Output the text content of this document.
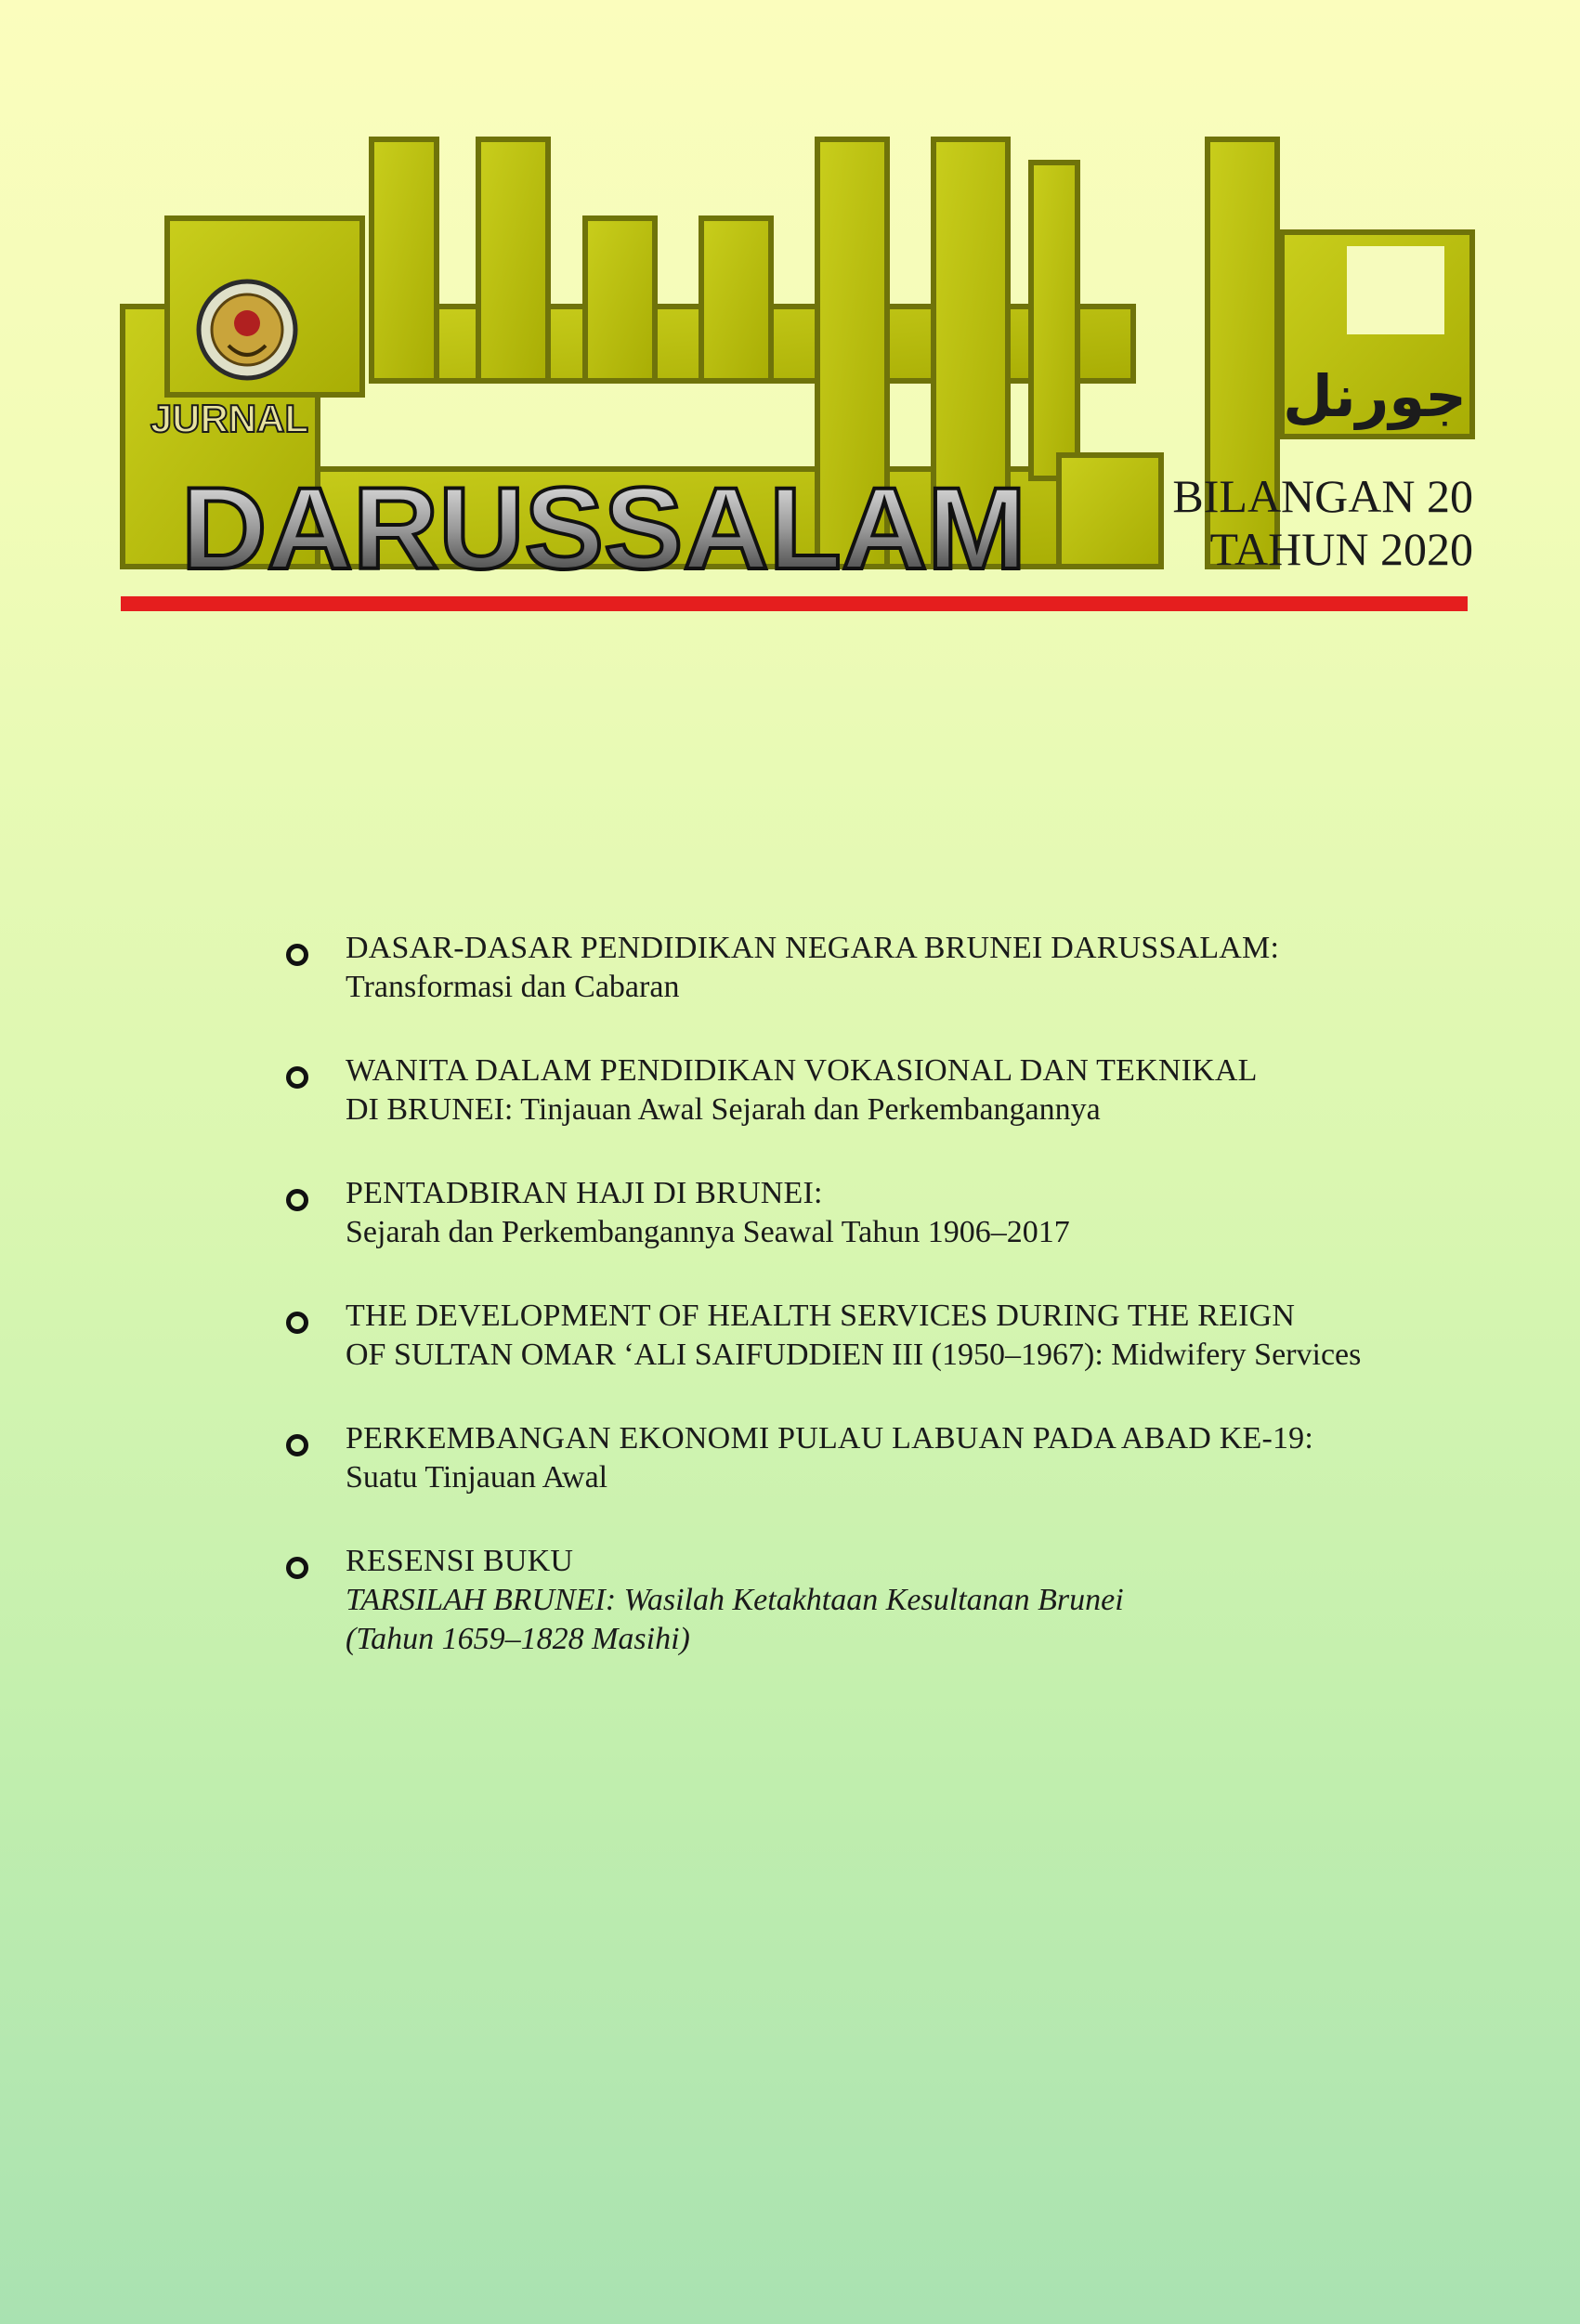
JURNAL	جورنل
DARUSSALAM	BILANGAN 20
TAHUN 2020
DASAR-DASAR PENDIDIKAN NEGARA BRUNEI DARUSSALAM:
Transformasi dan Cabaran
WANITA DALAM PENDIDIKAN VOKASIONAL DAN TEKNIKAL
DI BRUNEI: Tinjauan Awal Sejarah dan Perkembangannya
PENTADBIRAN HAJI DI BRUNEI:
Sejarah dan Perkembangannya Seawal Tahun 1906–2017
THE DEVELOPMENT OF HEALTH SERVICES DURING THE REIGN
OF SULTAN OMAR ‘ALI SAIFUDDIEN III (1950–1967): Midwifery Services
PERKEMBANGAN EKONOMI PULAU LABUAN PADA ABAD KE-19:
Suatu Tinjauan Awal
RESENSI BUKU
TARSILAH BRUNEI: Wasilah Ketakhtaan Kesultanan Brunei
(Tahun 1659–1828 Masihi)
